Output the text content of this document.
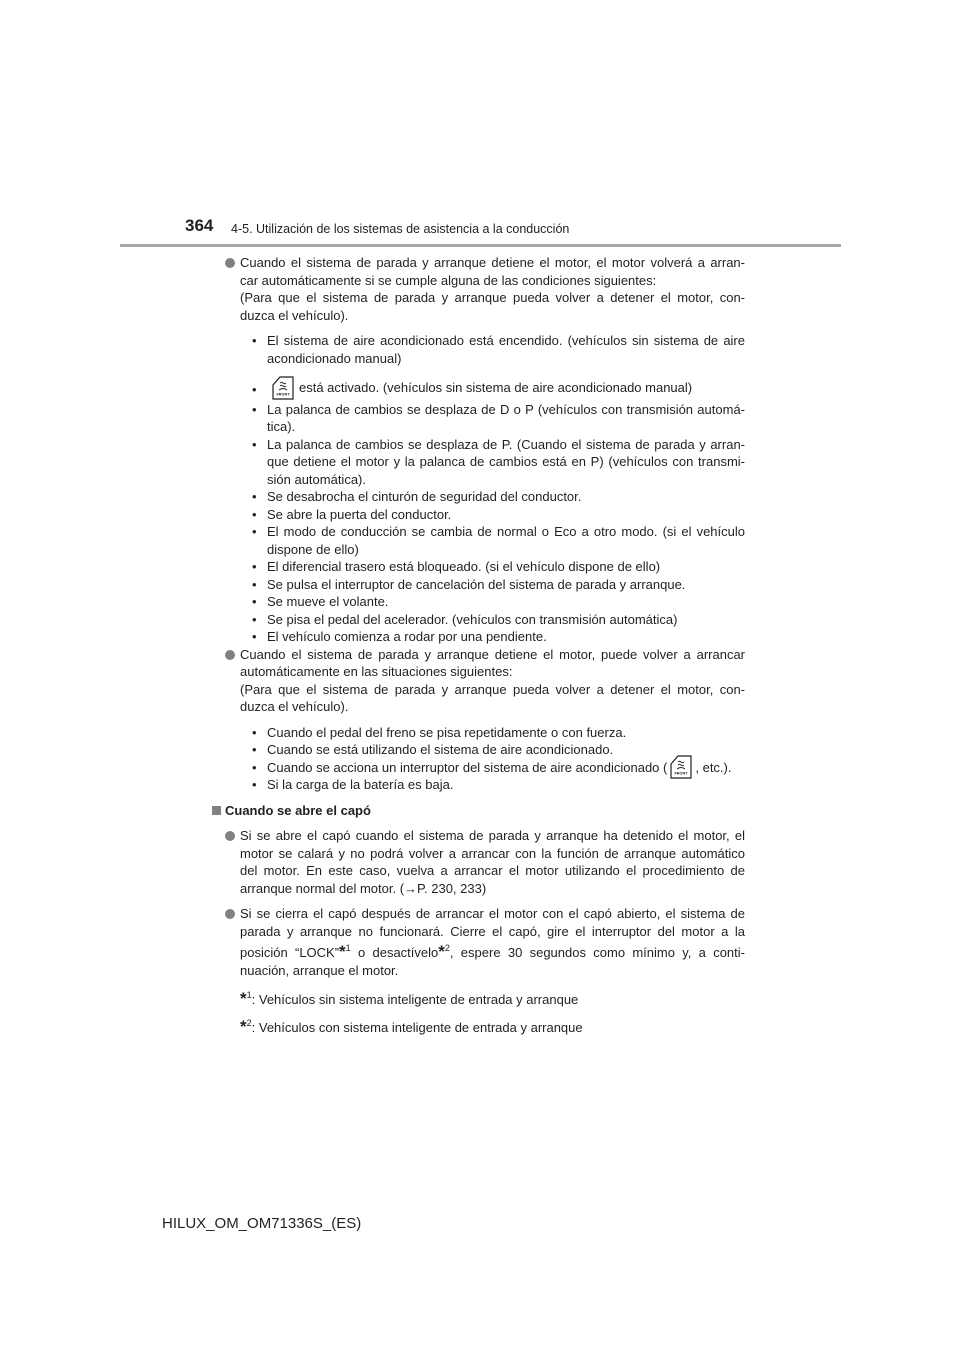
364 4-5. Utilización de los sistemas de asistencia a la conducción
Cuando el sistema de parada y arranque detiene el motor, el motor volverá a arran-
car automáticamente si se cumple alguna de las condiciones siguientes:
(Para que el sistema de parada y arranque pueda volver a detener el motor, con-
duzca el vehículo).
• El sistema de aire acondicionado está encendido. (vehículos sin sistema de aire
acondicionado manual)
•	FRONT está activado. (vehículos sin sistema de aire acondicionado manual)
• La palanca de cambios se desplaza de D o P (vehículos con transmisión automá-
tica).
• La palanca de cambios se desplaza de P. (Cuando el sistema de parada y arran-
que detiene el motor y la palanca de cambios está en P) (vehículos con transmi-
sión automática).
• Se desabrocha el cinturón de seguridad del conductor.
• Se abre la puerta del conductor.
• El modo de conducción se cambia de normal o Eco a otro modo. (si el vehículo
dispone de ello)
• El diferencial trasero está bloqueado. (si el vehículo dispone de ello)
• Se pulsa el interruptor de cancelación del sistema de parada y arranque.
• Se mueve el volante.
• Se pisa el pedal del acelerador. (vehículos con transmisión automática)
• El vehículo comienza a rodar por una pendiente.
Cuando el sistema de parada y arranque detiene el motor, puede volver a arrancar
automáticamente en las situaciones siguientes:
(Para que el sistema de parada y arranque pueda volver a detener el motor, con-
duzca el vehículo).
• Cuando el pedal del freno se pisa repetidamente o con fuerza.
• Cuando se está utilizando el sistema de aire acondicionado.
• Cuando se acciona un interruptor del sistema de aire acondicionado ( FRONT , etc.).
• Si la carga de la batería es baja.
Cuando se abre el capó
Si se abre el capó cuando el sistema de parada y arranque ha detenido el motor, el
motor se calará y no podrá volver a arrancar con la función de arranque automático
del motor. En este caso, vuelva a arrancar el motor utilizando el procedimiento de
arranque normal del motor. (→P. 230, 233)
Si se cierra el capó después de arrancar el motor con el capó abierto, el sistema de
parada y arranque no funcionará. Cierre el capó, gire el interruptor del motor a la
posición “LOCK”*$^1$ o desactívelo*$^2$, espere 30 segundos como mínimo y, a conti-
nuación, arranque el motor.
*$^1$: Vehículos sin sistema inteligente de entrada y arranque
*$^2$: Vehículos con sistema inteligente de entrada y arranque
HILUX_OM_OM71336S_(ES)
